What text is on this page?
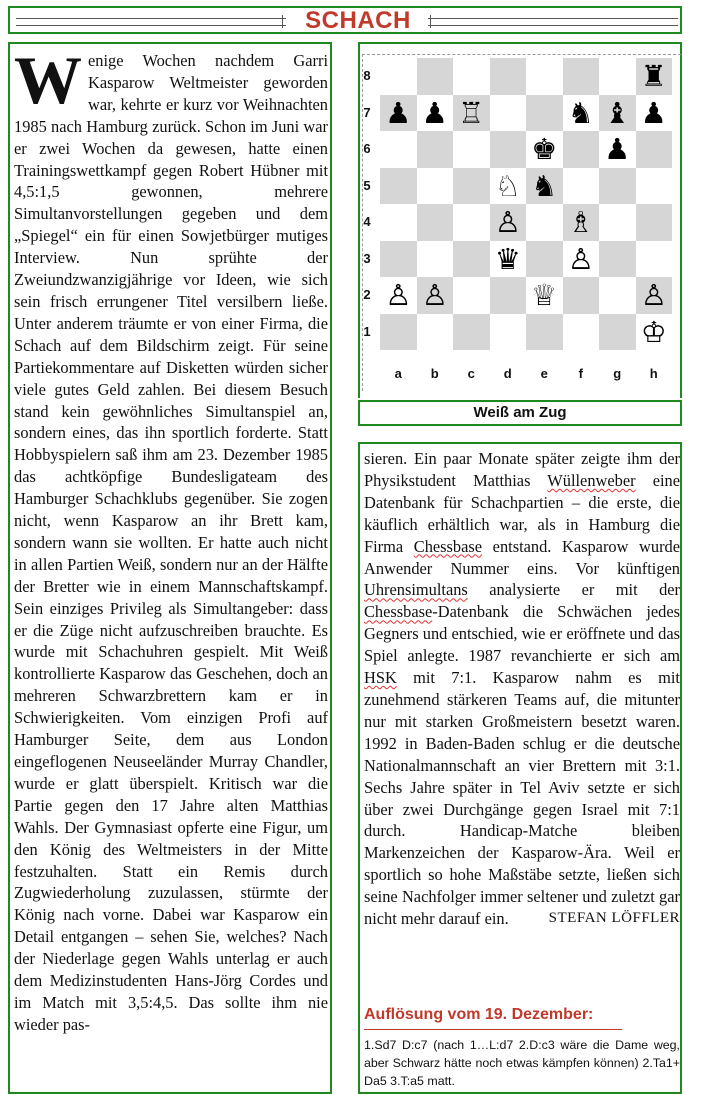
SCHACH
Wenige Wochen nachdem Garri Kasparow Weltmeister geworden war, kehrte er kurz vor Weihnachten 1985 nach Hamburg zurück. Schon im Juni war er zwei Wochen da gewesen, hatte einen Trainingswettkampf gegen Robert Hübner mit 4,5:1,5 gewonnen, mehrere Simultanvorstellungen gegeben und dem „Spiegel“ ein für einen Sowjetbürger mutiges Interview. Nun sprühte der Zweiundzwanzigjährige vor Ideen, wie sich sein frisch errungener Titel versilbern ließe. Unter anderem träumte er von einer Firma, die Schach auf dem Bildschirm zeigt. Für seine Partiekommentare auf Disketten würden sicher viele gutes Geld zahlen. Bei diesem Besuch stand kein gewöhnliches Simultanspiel an, sondern eines, das ihn sportlich forderte. Statt Hobbyspielern saß ihm am 23. Dezember 1985 das achtköpfige Bundesligateam des Hamburger Schachklubs gegenüber. Sie zogen nicht, wenn Kasparow an ihr Brett kam, sondern wann sie wollten. Er hatte auch nicht in allen Partien Weiß, sondern nur an der Hälfte der Bretter wie in einem Mannschaftskampf. Sein einziges Privileg als Simultangeber: dass er die Züge nicht aufzuschreiben brauchte. Es wurde mit Schachuhren gespielt. Mit Weiß kontrollierte Kasparow das Geschehen, doch an mehreren Schwarzbrettern kam er in Schwierigkeiten. Vom einzigen Profi auf Hamburger Seite, dem aus London eingeflogenen Neuseeländer Murray Chandler, wurde er glatt überspielt. Kritisch war die Partie gegen den 17 Jahre alten Matthias Wahls. Der Gymnasiast opferte eine Figur, um den König des Weltmeisters in der Mitte festzuhalten. Statt ein Remis durch Zugwiederholung zuzulassen, stürmte der König nach vorne. Dabei war Kasparow ein Detail entgangen – sehen Sie, welches? Nach der Niederlage gegen Wahls unterlag er auch dem Medizinstudenten Hans-Jörg Cordes und im Match mit 3,5:4,5. Das sollte ihm nie wieder pas-
♜
♟ ♟ ♖	♞ ♝ ♟
♚ ♟
♘ ♞
♙ ♗
♛ ♙
♙ ♙	♕	♙
♔
8
7
6
5
4
3
2
1
a	b	c	d	e	f	g	h
Weiß am Zug
sieren. Ein paar Monate später zeigte ihm der Physikstudent Matthias Wüllenweber eine Datenbank für Schachpartien – die erste, die käuflich erhältlich war, als in Hamburg die Firma Chessbase entstand. Kasparow wurde Anwender Nummer eins. Vor künftigen Uhrensimultans analysierte er mit der Chessbase-Datenbank die Schwächen jedes Gegners und entschied, wie er eröffnete und das Spiel anlegte. 1987 revanchierte er sich am HSK mit 7:1. Kasparow nahm es mit zunehmend stärkeren Teams auf, die mitunter nur mit starken Großmeistern besetzt waren. 1992 in Baden-Baden schlug er die deutsche Nationalmannschaft an vier Brettern mit 3:1. Sechs Jahre später in Tel Aviv setzte er sich über zwei Durchgänge gegen Israel mit 7:1 durch. Handicap-Matche bleiben Markenzeichen der Kasparow-Ära. Weil er sportlich so hohe Maßstäbe setzte, ließen sich seine Nachfolger immer seltener und zuletzt gar nicht mehr darauf ein.	STEFAN LÖFFLER
Auflösung vom 19. Dezember:
1.Sd7 D:c7 (nach 1…L:d7 2.D:c3 wäre die Dame weg, aber Schwarz hätte noch etwas kämpfen können) 2.Ta1+ Da5 3.T:a5 matt.
